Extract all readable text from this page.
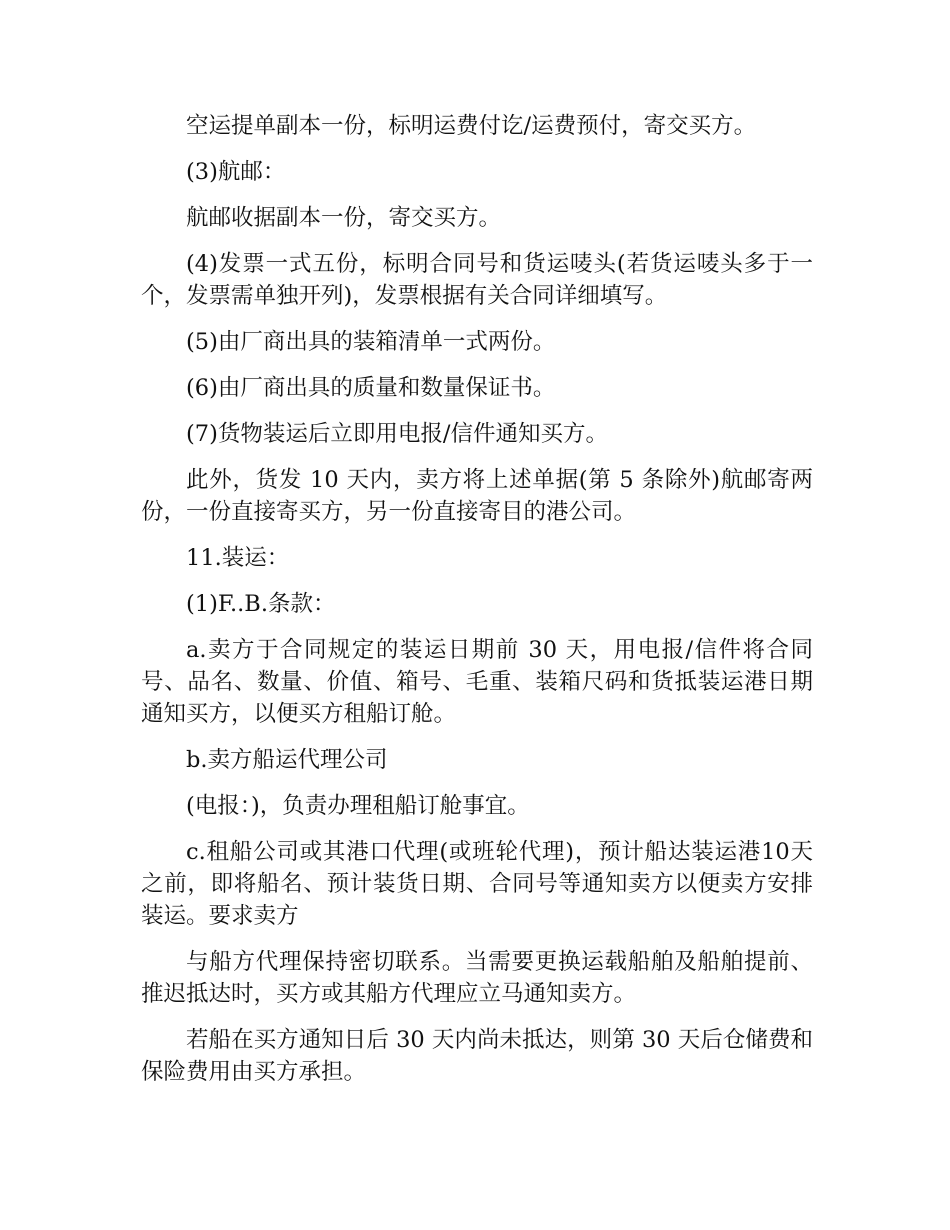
空运提单副本一份，标明运费付讫/运费预付，寄交买方。

(3)航邮：

航邮收据副本一份，寄交买方。

(4)发票一式五份，标明合同号和货运唛头(若货运唛头多于一个，发票需单独开列)，发票根据有关合同详细填写。

(5)由厂商出具的装箱清单一式两份。

(6)由厂商出具的质量和数量保证书。

(7)货物装运后立即用电报/信件通知买方。

此外，货发 10 天内，卖方将上述单据(第 5 条除外)航邮寄两份，一份直接寄买方，另一份直接寄目的港公司。

11.装运：

(1)F..B.条款：

a.卖方于合同规定的装运日期前 30 天，用电报/信件将合同号、品名、数量、价值、箱号、毛重、装箱尺码和货抵装运港日期通知买方，以便买方租船订舱。

b.卖方船运代理公司

(电报：)，负责办理租船订舱事宜。

c.租船公司或其港口代理(或班轮代理)，预计船达装运港10天之前，即将船名、预计装货日期、合同号等通知卖方以便卖方安排装运。要求卖方

与船方代理保持密切联系。当需要更换运载船舶及船舶提前、推迟抵达时，买方或其船方代理应立马通知卖方。

若船在买方通知日后 30 天内尚未抵达，则第 30 天后仓储费和保险费用由买方承担。
